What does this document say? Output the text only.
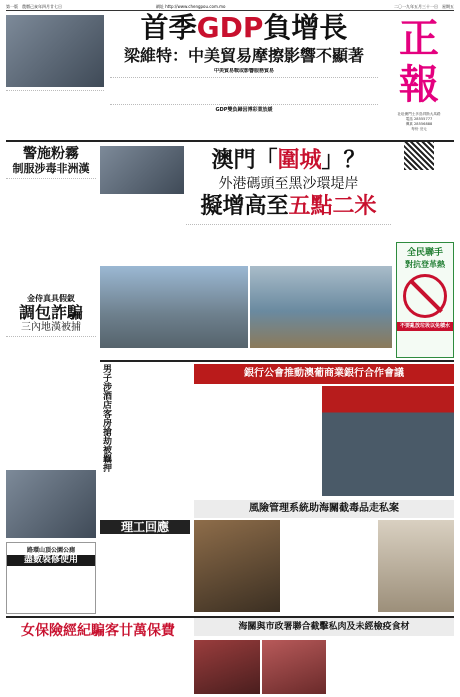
第一版　農曆己亥年四月廿七日	網址 http://www.chengpou.com.mo	二〇一九年五月三十一日　星期五
首季GDP負增長
梁維特：中美貿易摩擦影響不顯著
中美貿易戰或影響服務貿易
GDP雙負歸因博彩業放緩
正
報
社址澳門士多鳥拜斯大馬路
電話 28555777
傳真 28556888
每份 叁元
警施粉霧
制服涉毒非洲漢
金侍真具假釵
調包詐騙
三內地漢被捕
路環山頂公園公廁
盡數裝修使用
澳門「圍城」？
外港碼頭至黑沙環堤岸
擬增高至五點二米
全民聯手
對抗登革熱
不要亂放垃圾以免積水
男子涉酒店客房搶劫被羈押	銀行公會推動澳葡商業銀行合作會議
理工回應
風險管理系統助海關截毒品走私案
女保險經紀騙客廿萬保費	海關與市政署聯合截擊私肉及未經檢疫食材
